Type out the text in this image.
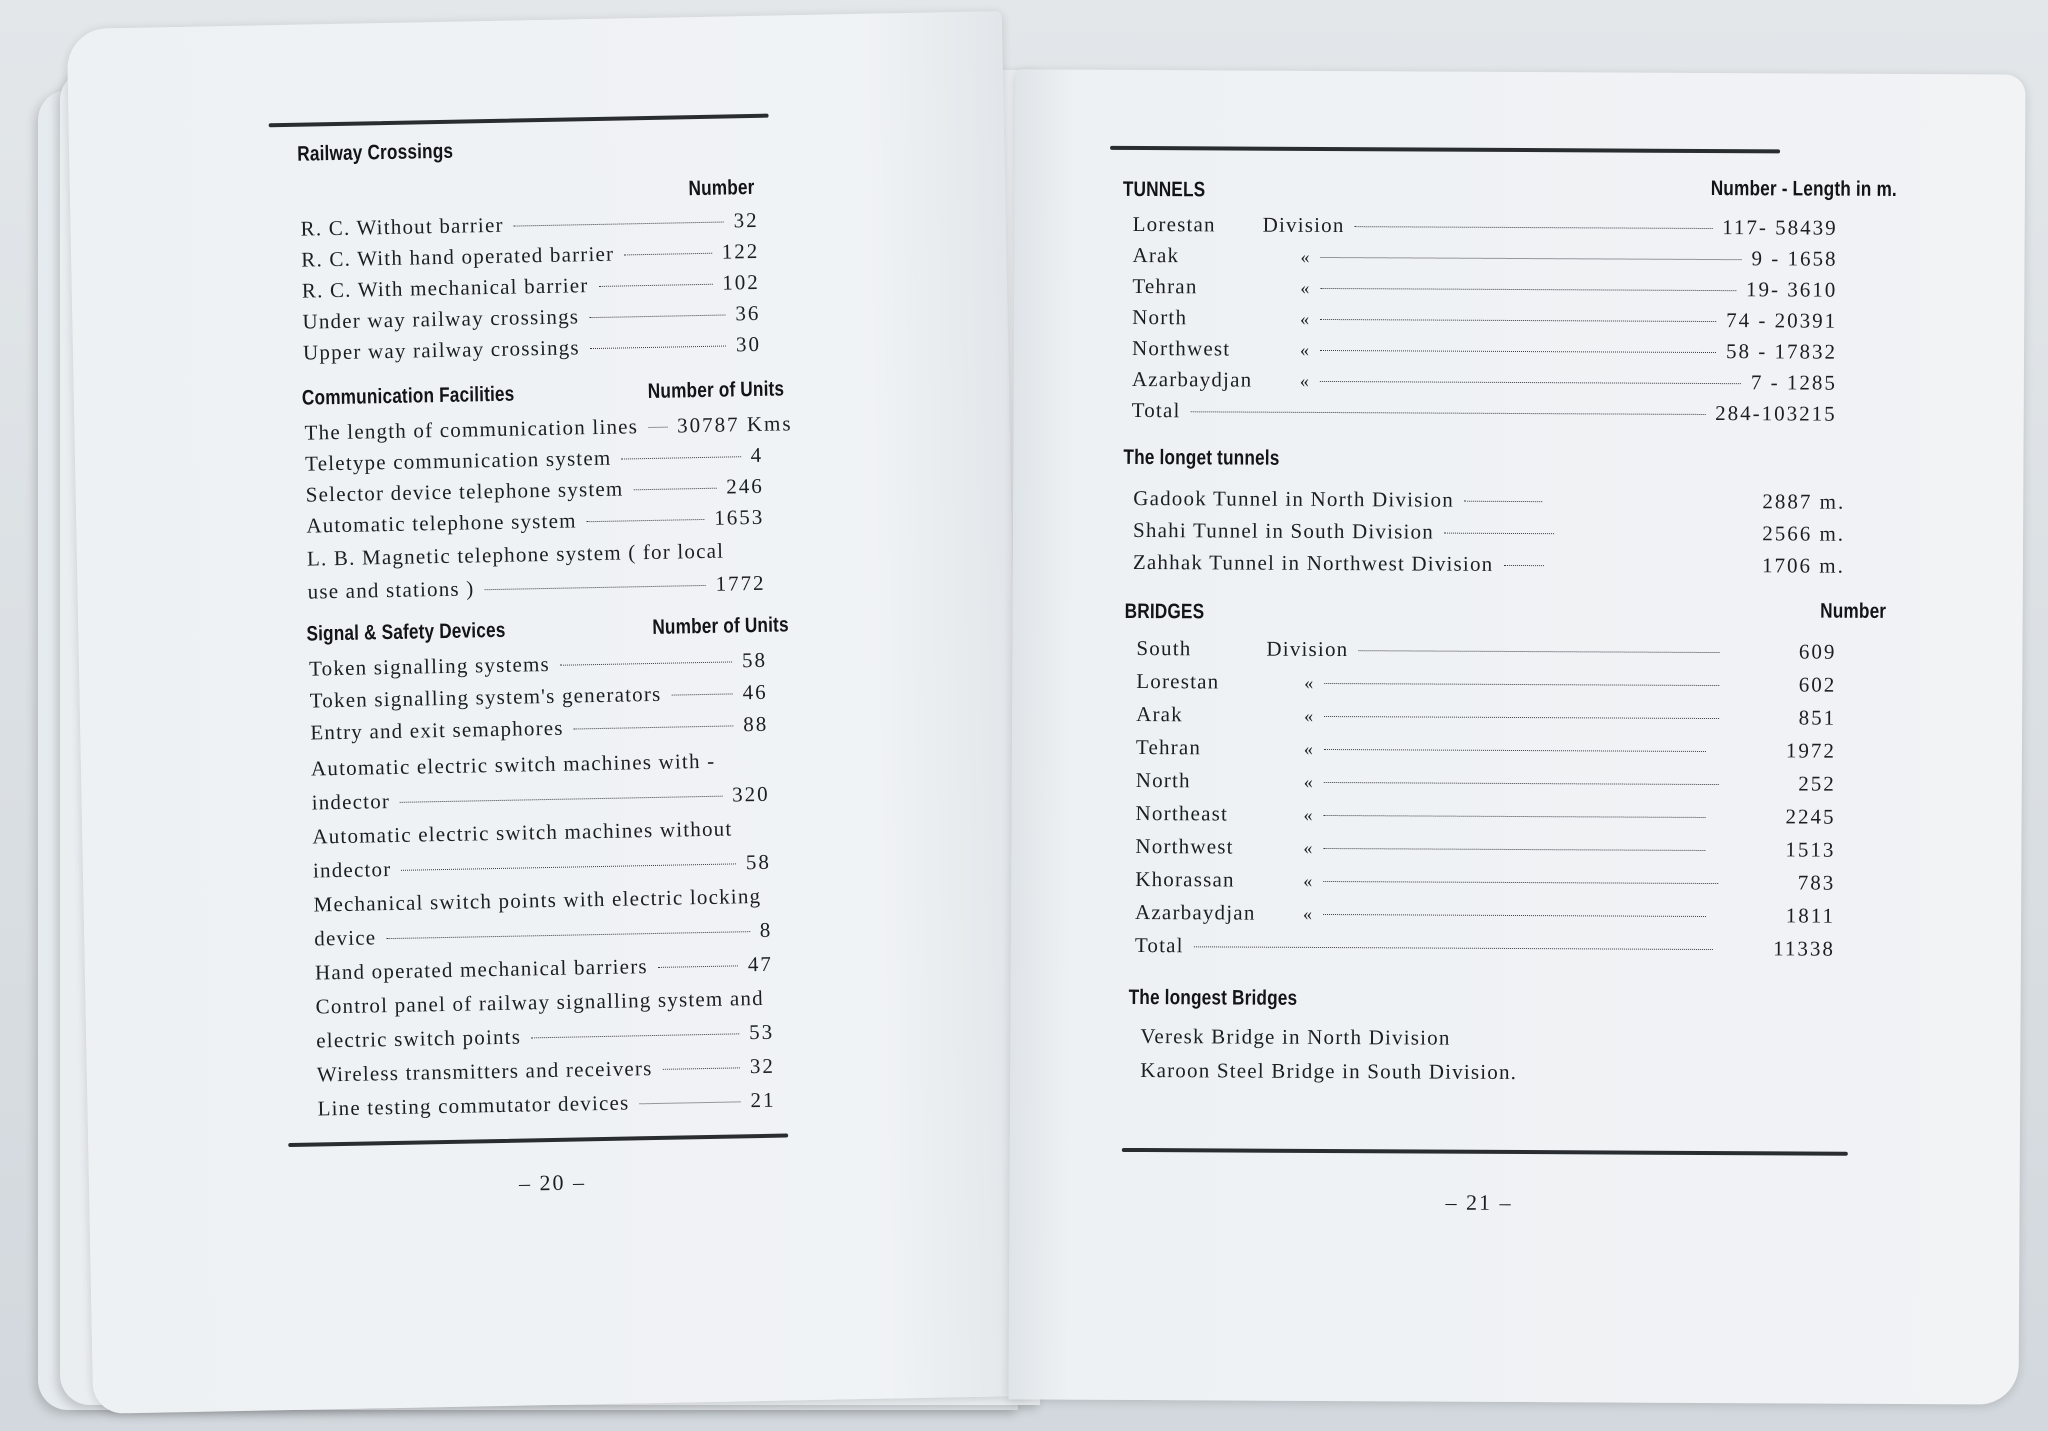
Railway Crossings
Number
R. C. Without barrier	32
R. C. With hand operated barrier	122
R. C. With mechanical barrier	102
Under way railway crossings	36
Upper way railway crossings	30
Communication Facilities	Number of Units
The length of communication lines 30787 Kms
Teletype communication system	4
Selector device telephone system	246
Automatic telephone system	1653
L. B. Magnetic telephone system ( for local
use and stations )	1772
Signal & Safety Devices	Number of Units
Token signalling systems	58
Token signalling system's generators	46
Entry and exit semaphores	88
Automatic electric switch machines with -
indector	320
Automatic electric switch machines without
indector	58
Mechanical switch points with electric locking
device	8
Hand operated mechanical barriers	47
Control panel of railway signalling system and
electric switch points	53
Wireless transmitters and receivers	32
Line testing commutator devices	21
– 20 –
TUNNELS	Number - Length in m.
Lorestan	Division	117- 58439
Arak	«	9 - 1658
Tehran	«	19- 3610
North	«	74 - 20391
Northwest	«	58 - 17832
Azarbaydjan	«	7 - 1285
Total	284-103215
The longet tunnels
Gadook Tunnel in North Division	2887 m.
Shahi Tunnel in South Division	2566 m.
Zahhak Tunnel in Northwest Division	1706 m.
BRIDGES	Number
South	Division	609
Lorestan	«	602
Arak	«	851
Tehran	«	1972
North	«	252
Northeast	«	2245
Northwest	«	1513
Khorassan	«	783
Azarbaydjan	«	1811
Total	11338
The longest Bridges
Veresk Bridge in North Division
Karoon Steel Bridge in South Division.
– 21 –
